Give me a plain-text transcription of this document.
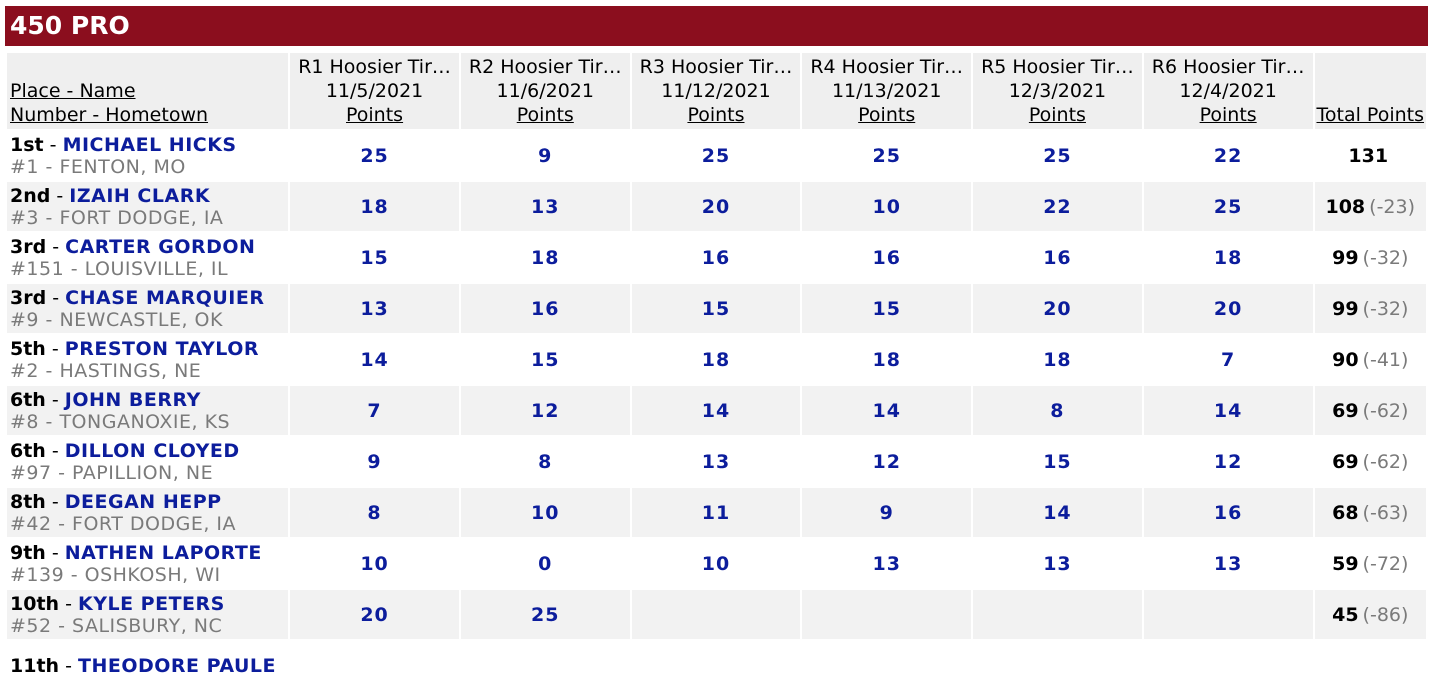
450 PRO
Place - Name
Number - Hometown	R1 Hoosier Tir…
11/5/2021
Points	R2 Hoosier Tir…
11/6/2021
Points	R3 Hoosier Tir…
11/12/2021
Points	R4 Hoosier Tir…
11/13/2021
Points	R5 Hoosier Tir…
12/3/2021
Points	R6 Hoosier Tir…
12/4/2021
Points	Total Points

1st - MICHAEL HICKS
#1 - FENTON, MO	25	9	25	25	25	22	131
2nd - IZAIH CLARK
#3 - FORT DODGE, IA	18	13	20	10	22	25	108 (-23)
3rd - CARTER GORDON
#151 - LOUISVILLE, IL	15	18	16	16	16	18	99 (-32)
3rd - CHASE MARQUIER
#9 - NEWCASTLE, OK	13	16	15	15	20	20	99 (-32)
5th - PRESTON TAYLOR
#2 - HASTINGS, NE	14	15	18	18	18	7	90 (-41)
6th - JOHN BERRY
#8 - TONGANOXIE, KS	7	12	14	14	8	14	69 (-62)
6th - DILLON CLOYED
#97 - PAPILLION, NE	9	8	13	12	15	12	69 (-62)
8th - DEEGAN HEPP
#42 - FORT DODGE, IA	8	10	11	9	14	16	68 (-63)
9th - NATHEN LAPORTE
#139 - OSHKOSH, WI	10	0	10	13	13	13	59 (-72)
10th - KYLE PETERS
#52 - SALISBURY, NC	20	25					45 (-86)
11th - THEODORE PAULE
